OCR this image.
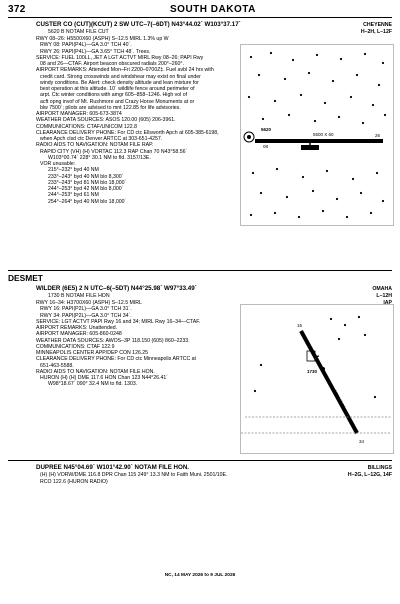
372	SOUTH DAKOTA
CUSTER CO (CUT)(KCUT) 2 SW UTC–7(–6DT) N43°44.02´ W103°37.17´
5620 B NOTAM FILE CUT
CHEYENNE
H–2H, L–12F
RWY 08–26: H5500X60 (ASPH) S–12.5 MIRL 1.3% up W
RWY 08: PAPI(P4L)—GA 3.0° TCH 40´.
RWY 26: PAPI(P4L)—GA 3.65° TCH 48´. Trees.
SERVICE: FUEL 100LL, JET A LGT ACTVT MIRL Rwy 08–26; PAPI Rwy
08 and 26—CTAF. Airport beacon obscured radials 200°–260°.
AIRPORT REMARKS: Attended Mon–Fri 2200–0700Z‡. Fuel avbl 24 hrs with
credit card. Strong crosswinds and windshear may exist on final under
windy conditions. Be Alert: check density altitude and lean mixture for
best operation at this altitude. 10´ wildlife fence around perimeter of
arpt. Ctc winter conditions with amgr 605–858–1246. High vol of
acft opng invof of Mt. Rushmore and Crazy Horse Monuments at or
blw 7500´; pilots are advised to mnt 122.85 for life advisories.
AIRPORT MANAGER: 605-673-3874
WEATHER DATA SOURCES: ASOS 120.00 (605) 206-3961.
COMMUNICATIONS: CTAF/UNICOM 122.8
CLEARANCE DELIVERY PHONE: For CD ctc Ellsworth Apch at 605-385-6198,
when Apch clsd ctc Denver ARTCC at 303-651-4257.
RADIO AIDS TO NAVIGATION: NOTAM FILE RAP.
RAPID CITY (VH) (H) VORTAC 112.3 RAP Chan 70 N43°58.56´
W103°00.74´ 228° 30.1 NM to fld. 3157/13E.
VOR unusable:
215°–232° byd 40 NM
233°–243° byd 40 NM blo 8,300´
233°–243° byd 81 NM blo 18,000´
244°–253° byd 42 NM blo 8,000´
244°–253° byd 61 NM
254°–264° byd 40 NM blo 18,000´
08
26
5500 X 60
5620
DESMET
WILDER (6E5) 2 N UTC–6(–5DT) N44°25.98´ W97°33.49´
1730 B NOTAM FILE HON
OMAHA
L–12H
IAP
RWY 16–34: H3700X60 (ASPH) S–12.5 MIRL
RWY 16: PAPI(P2L)—GA 3.0° TCH 31´.
RWY 34: PAPI(P2L)—GA 3.0° TCH 34´.
SERVICE: LGT ACTVT PAPI Rwy 16 and 34; MIRL Rwy 16–34—CTAF.
AIRPORT REMARKS: Unattended.
AIRPORT MANAGER: 605-860-0248
WEATHER DATA SOURCES: AWOS–3P 118.150 (605) 860–2233.
COMMUNICATIONS: CTAF 122.9
MINNEAPOLIS CENTER APP/DEP CON 126.25
CLEARANCE DELIVERY PHONE: For CD ctc Minneapolis ARTCC at
651-463-5588.
RADIO AIDS TO NAVIGATION: NOTAM FILE HON.
HURON (H) (H) DME 117.6 HON Chan 123 N44°26.41´
W98°18.67´ 090° 32.4 NM to fld. 1303.
16
34
3700 X 60
1730
DUPREE N45°04.69´ W101°42.90´ NOTAM FILE HON.
(H) (H) VORW/DME 116.8 DPR Chan 115 249° 13.3 NM to Faith Muni. 2501/10E.
RCO 122.6 (HURON RADIO)
BILLINGS
H–2G, L–12G, 14F
NC, 14 MAY 2026 to 9 JUL 2026
